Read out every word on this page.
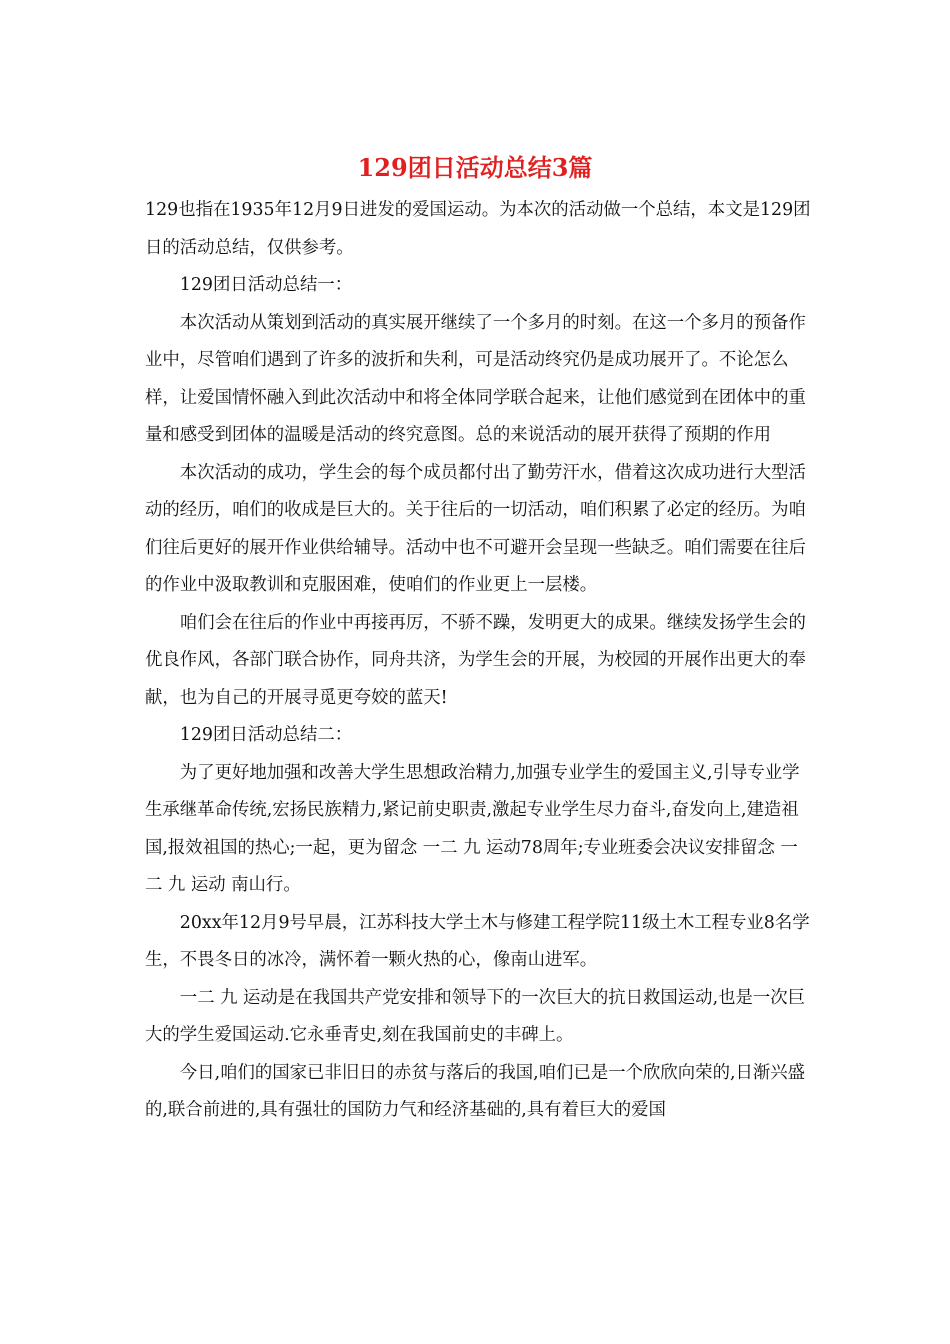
129团日活动总结3篇

129也指在1935年12月9日进发的爱国运动。为本次的活动做一个总结，本文是129团日的活动总结，仅供参考。

129团日活动总结一：

本次活动从策划到活动的真实展开继续了一个多月的时刻。在这一个多月的预备作业中，尽管咱们遇到了许多的波折和失利，可是活动终究仍是成功展开了。不论怎么样，让爱国情怀融入到此次活动中和将全体同学联合起来，让他们感觉到在团体中的重量和感受到团体的温暖是活动的终究意图。总的来说活动的展开获得了预期的作用

本次活动的成功，学生会的每个成员都付出了勤劳汗水，借着这次成功进行大型活动的经历，咱们的收成是巨大的。关于往后的一切活动，咱们积累了必定的经历。为咱们往后更好的展开作业供给辅导。活动中也不可避开会呈现一些缺乏。咱们需要在往后的作业中汲取教训和克服困难，使咱们的作业更上一层楼。

咱们会在往后的作业中再接再厉，不骄不躁，发明更大的成果。继续发扬学生会的优良作风，各部门联合协作，同舟共济，为学生会的开展，为校园的开展作出更大的奉献，也为自己的开展寻觅更夸姣的蓝天!

129团日活动总结二：

为了更好地加强和改善大学生思想政治精力,加强专业学生的爱国主义,引导专业学生承继革命传统,宏扬民族精力,紧记前史职责,激起专业学生尽力奋斗,奋发向上,建造祖国,报效祖国的热心;一起，更为留念 一二 九 运动78周年;专业班委会决议安排留念 一二 九 运动 南山行。

20xx年12月9号早晨，江苏科技大学土木与修建工程学院11级土木工程专业8名学生，不畏冬日的冰冷，满怀着一颗火热的心，像南山进军。

一二 九 运动是在我国共产党安排和领导下的一次巨大的抗日救国运动,也是一次巨大的学生爱国运动.它永垂青史,刻在我国前史的丰碑上。

今日,咱们的国家已非旧日的赤贫与落后的我国,咱们已是一个欣欣向荣的,日渐兴盛的,联合前进的,具有强壮的国防力气和经济基础的,具有着巨大的爱国
